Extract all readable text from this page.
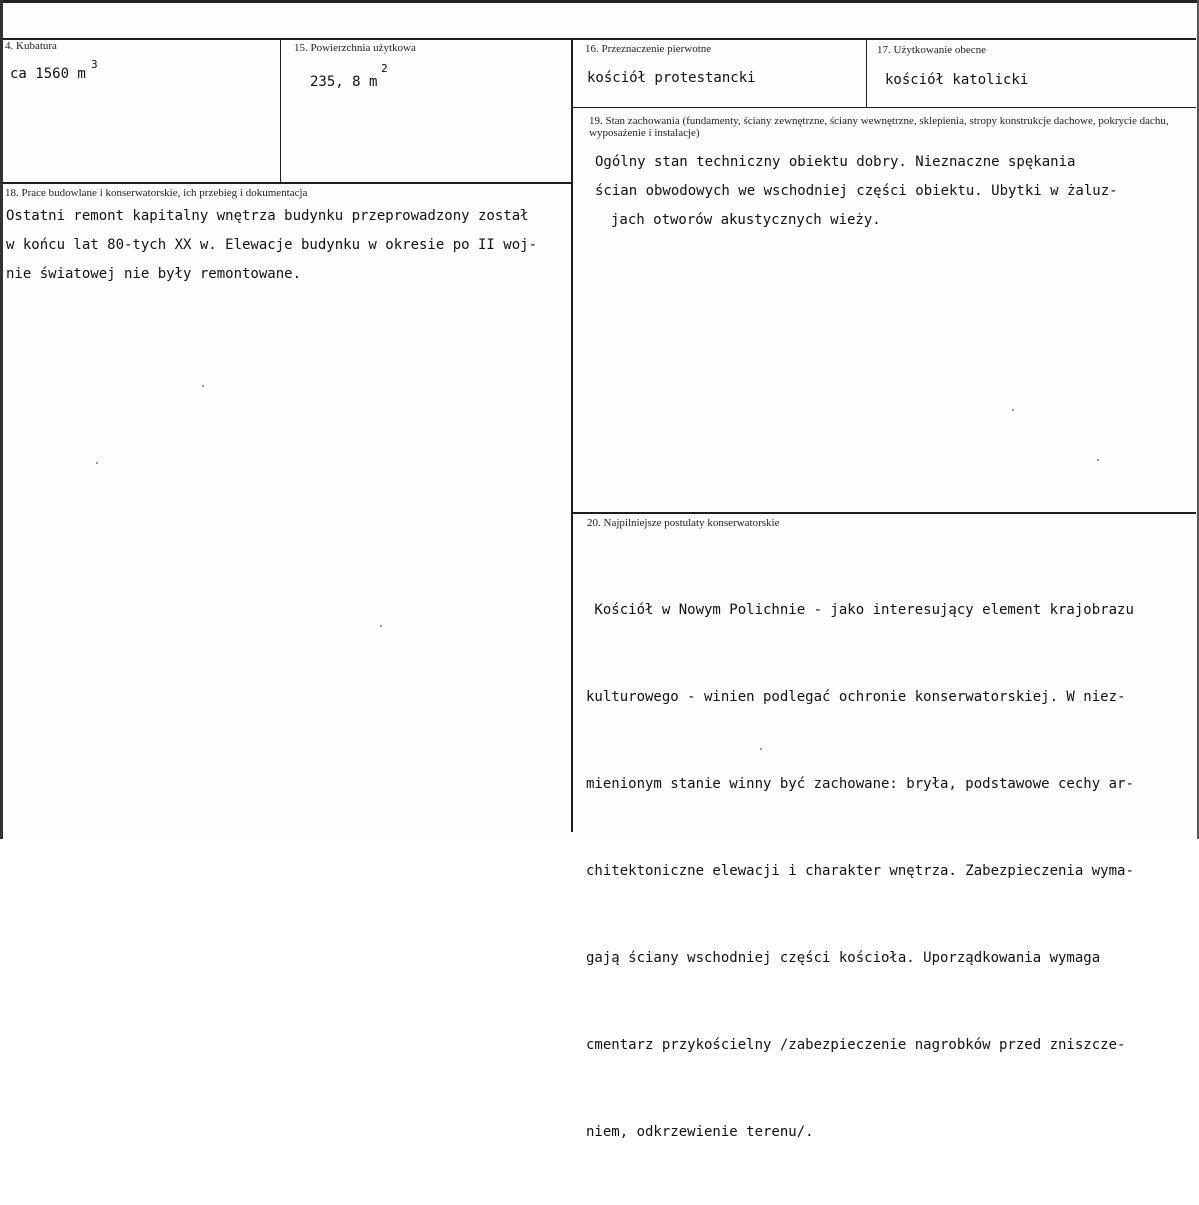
4. Kubatura
ca 1560 m
3
15. Powierzchnia użytkowa
235, 8 m
2
16. Przeznaczenie pierwotne
kościół protestancki
17. Użytkowanie obecne
kościół katolicki
19. Stan zachowania (fundamenty, ściany zewnętrzne, ściany wewnętrzne, sklepienia, stropy konstrukcje dachowe, pokrycie dachu, wyposażenie i instalacje)
Ogólny stan techniczny obiektu dobry. Nieznaczne spękania
ścian obwodowych we wschodniej części obiektu. Ubytki w żaluz-
jach otworów akustycznych wieży.
18. Prace budowlane i konserwatorskie, ich przebieg i dokumentacja
Ostatni remont kapitalny wnętrza budynku przeprowadzony został
w końcu lat 80-tych XX w. Elewacje budynku w okresie po II woj-
nie światowej nie były remontowane.
20. Najpilniejsze postulaty konserwatorskie

Kościół w Nowym Polichnie - jako interesujący element krajobrazu

kulturowego - winien podlegać ochronie konserwatorskiej. W niez-

mienionym stanie winny być zachowane: bryła, podstawowe cechy ar-

chitektoniczne elewacji i charakter wnętrza. Zabezpieczenia wyma-

gają ściany wschodniej części kościoła. Uporządkowania wymaga

cmentarz przykościelny /zabezpieczenie nagrobków przed zniszcze-

niem, odkrzewienie terenu/.
